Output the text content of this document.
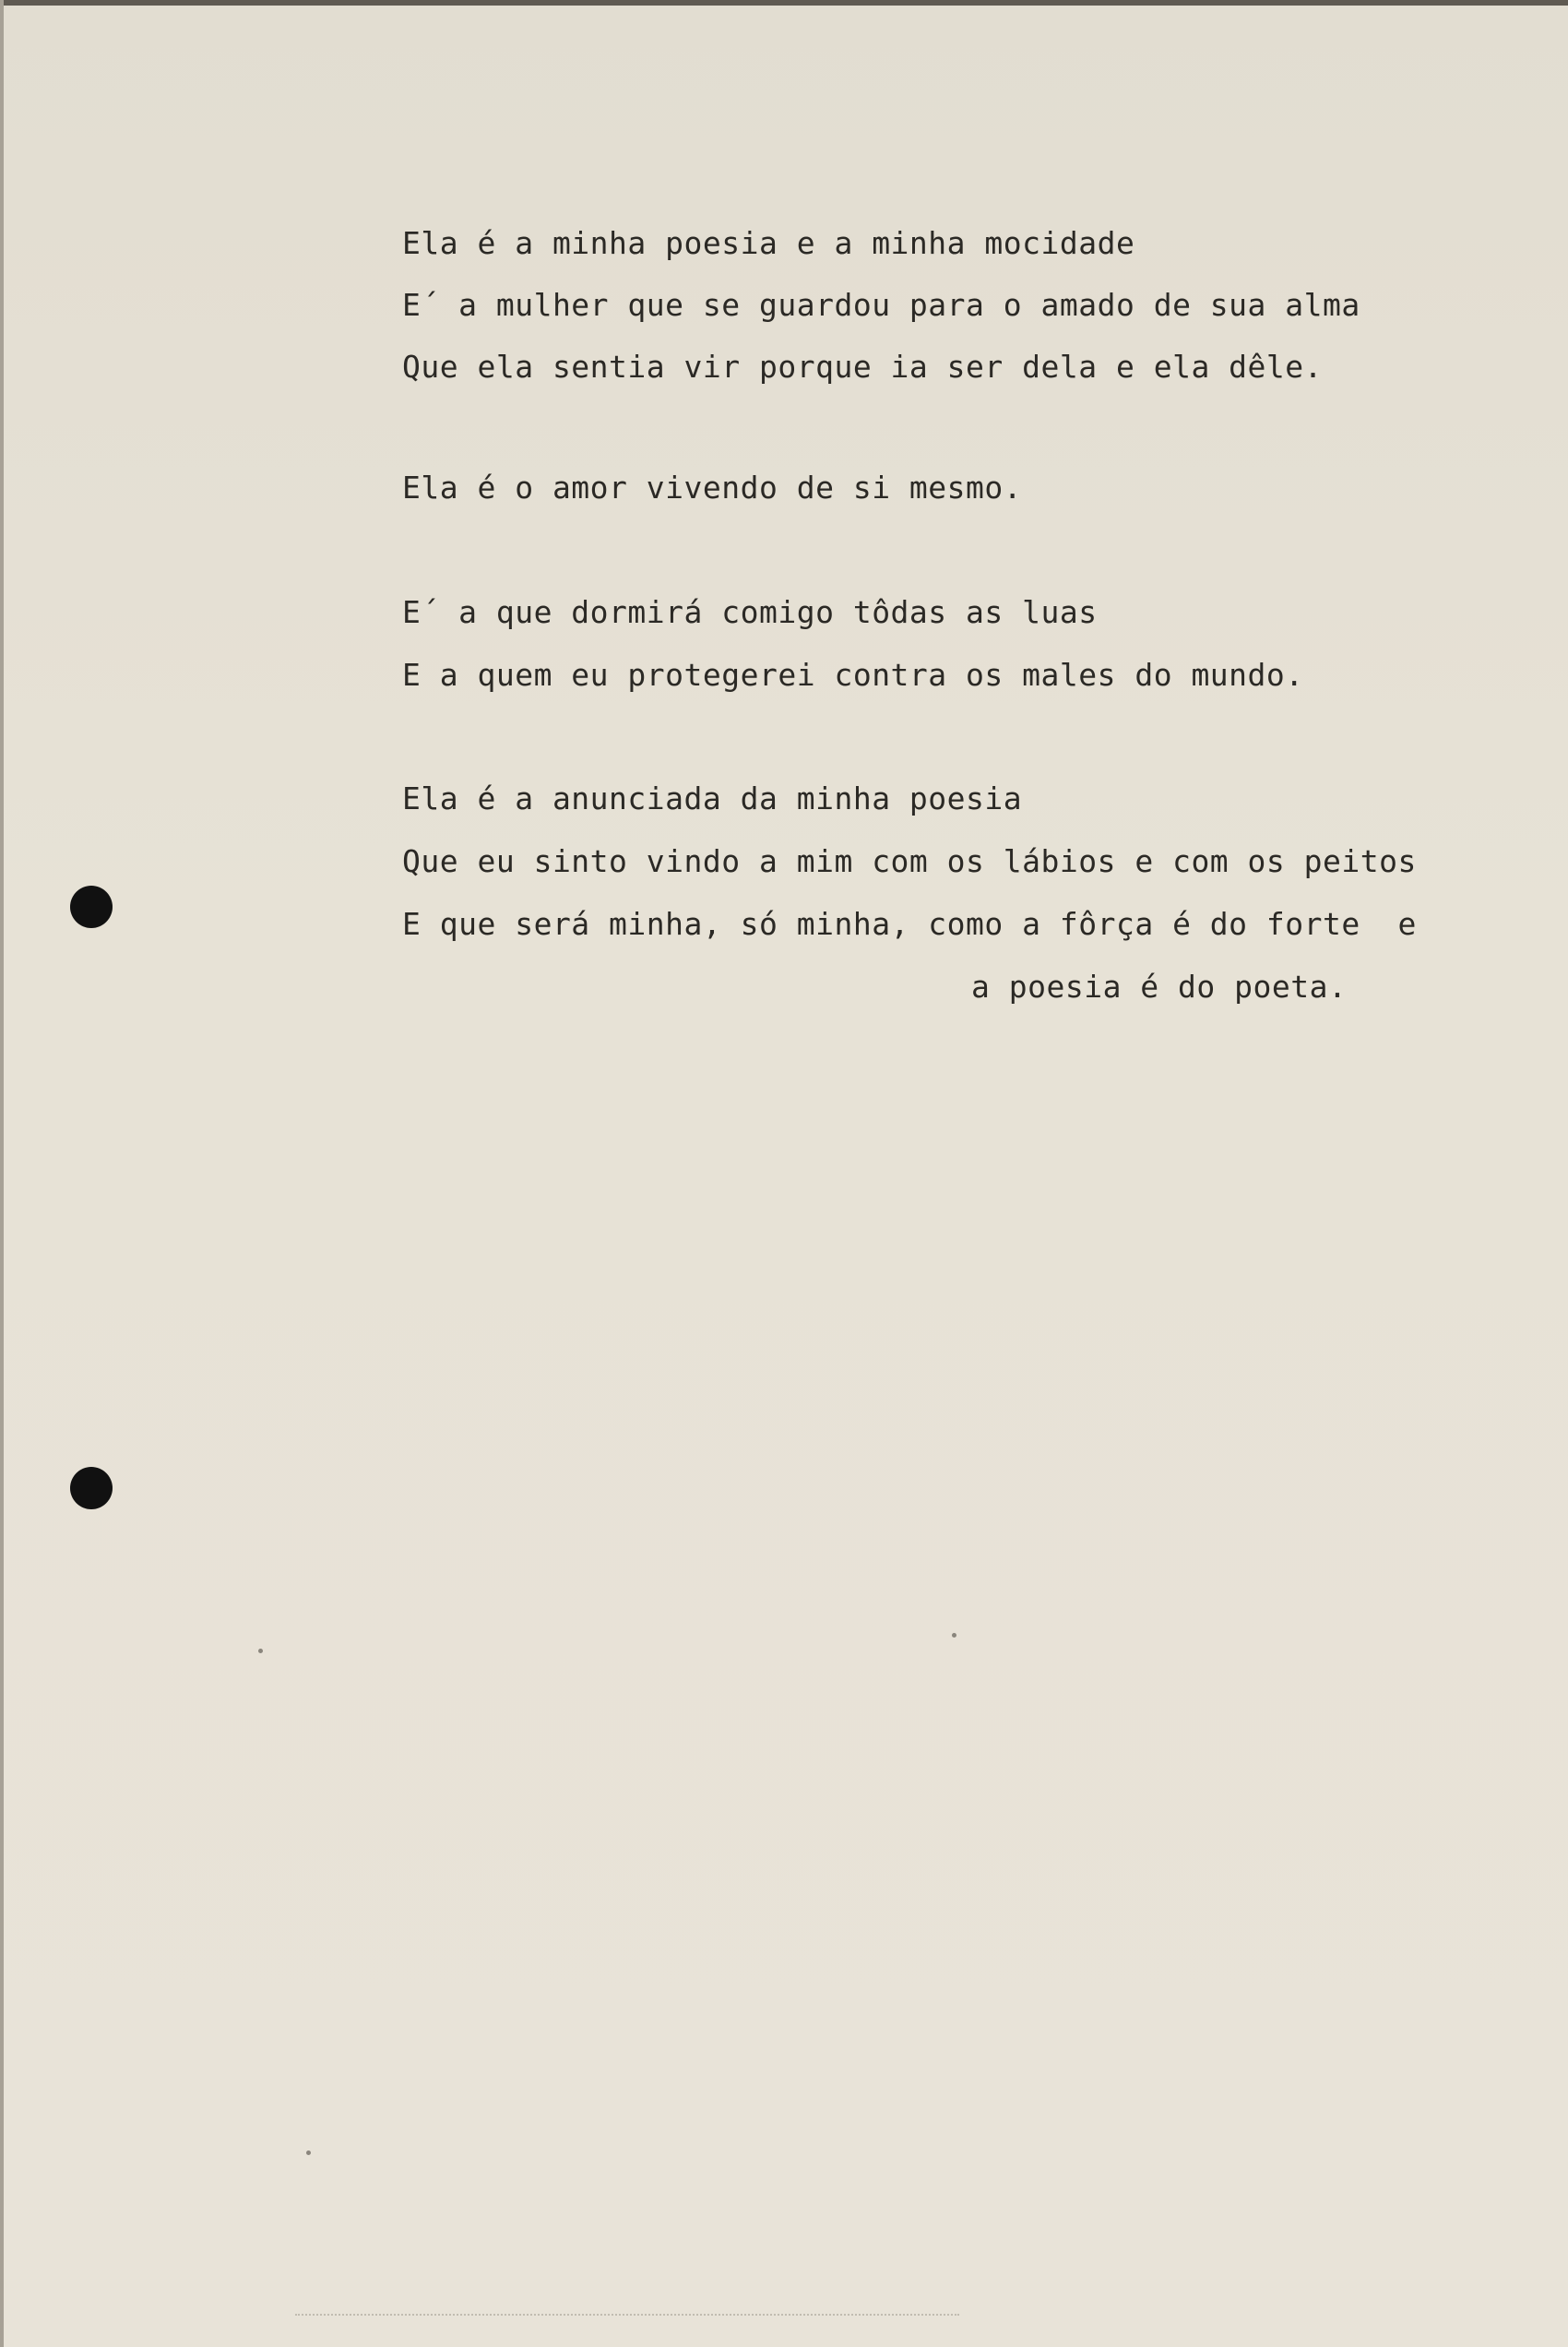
Ela é a minha poesia e a minha mocidade

E´ a mulher que se guardou para o amado de sua alma

Que ela sentia vir porque ia ser dela e ela dêle.

Ela é o amor vivendo de si mesmo.

E´ a que dormirá comigo tôdas as luas

E a quem eu protegerei contra os males do mundo.

Ela é a anunciada da minha poesia

Que eu sinto vindo a mim com os lábios e com os peitos

E que será minha, só minha, como a fôrça é do forte  e

a poesia é do poeta.
